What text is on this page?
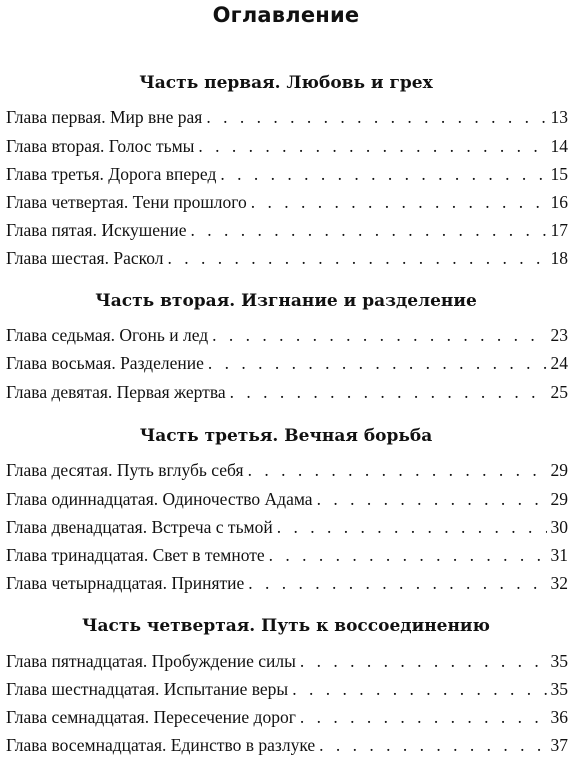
Оглавление
Часть первая. Любовь и грех
Глава первая. Мир вне рая . . .	13
Глава вторая. Голос тьмы . . .	14
Глава третья. Дорога вперед . . .	15
Глава четвертая. Тени прошлого . . .	16
Глава пятая. Искушение . . .	17
Глава шестая. Раскол . . .	18
Часть вторая. Изгнание и разделение
Глава седьмая. Огонь и лед . . .	23
Глава восьмая. Разделение . . .	24
Глава девятая. Первая жертва . . .	25
Часть третья. Вечная борьба
Глава десятая. Путь вглубь себя . . .	29
Глава одиннадцатая. Одиночество Адама . . .	29
Глава двенадцатая. Встреча с тьмой . . .	30
Глава тринадцатая. Свет в темноте . . .	31
Глава четырнадцатая. Принятие . . .	32
Часть четвертая. Путь к воссоединению
Глава пятнадцатая. Пробуждение силы . . .	35
Глава шестнадцатая. Испытание веры . . .	35
Глава семнадцатая. Пересечение дорог . . .	36
Глава восемнадцатая. Единство в разлуке . . .	37
